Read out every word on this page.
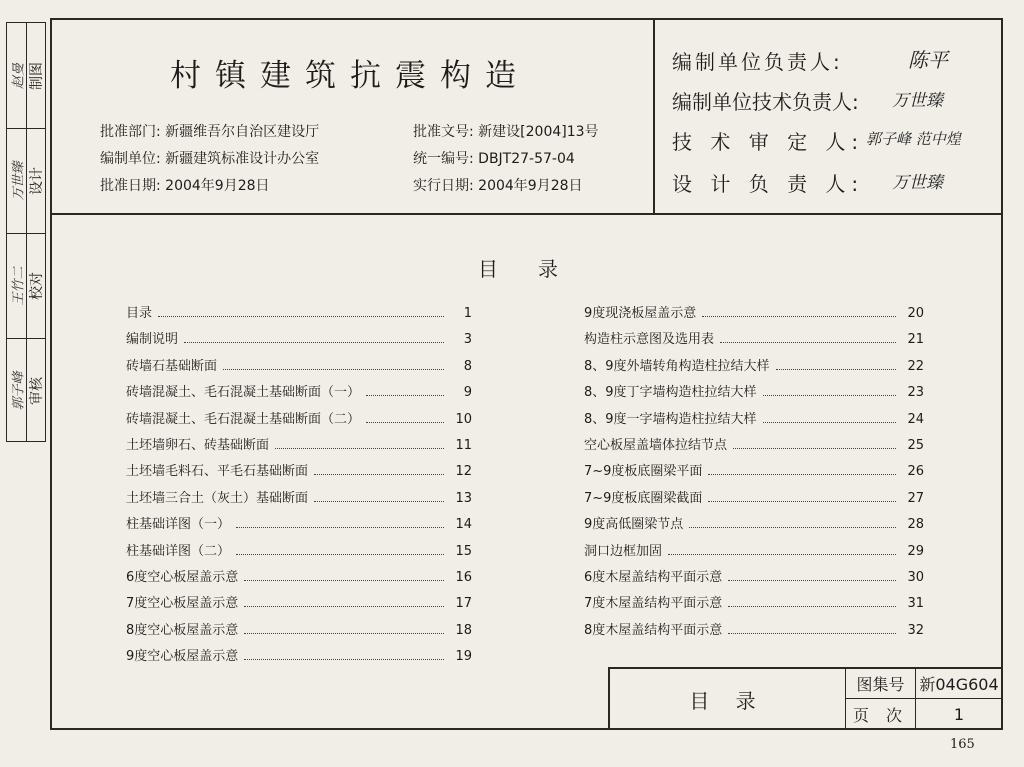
赵曼 制图
万世臻 设计
王竹二 校对
郭子峰 审核
村镇建筑抗震构造
批准部门: 新疆维吾尔自治区建设厅
编制单位: 新疆建筑标准设计办公室
批准日期: 2004年9月28日
批准文号: 新建设[2004]13号
统一编号: DBJT27-57-04
实行日期: 2004年9月28日
编制单位负责人:	陈平
编制单位技术负责人: 万世臻
技 术 审 定 人: 郭子峰 范中煌
设 计 负 责 人: 万世臻
目录
目录	1
编制说明	3
砖墙石基础断面	8
砖墙混凝土、毛石混凝土基础断面（一）	9
砖墙混凝土、毛石混凝土基础断面（二）	10
土坯墙卵石、砖基础断面	11
土坯墙毛料石、平毛石基础断面	12
土坯墙三合土（灰土）基础断面	13
柱基础详图（一）	14
柱基础详图（二）	15
6度空心板屋盖示意	16
7度空心板屋盖示意	17
8度空心板屋盖示意	18
9度空心板屋盖示意	19
9度现浇板屋盖示意	20
构造柱示意图及选用表	21
8、9度外墙转角构造柱拉结大样	22
8、9度丁字墙构造柱拉结大样	23
8、9度一字墙构造柱拉结大样	24
空心板屋盖墙体拉结节点	25
7~9度板底圈梁平面	26
7~9度板底圈梁截面	27
9度高低圈梁节点	28
洞口边框加固	29
6度木屋盖结构平面示意	30
7度木屋盖结构平面示意	31
8度木屋盖结构平面示意	32
目 录
图集号 新04G604
页 次	1
165
